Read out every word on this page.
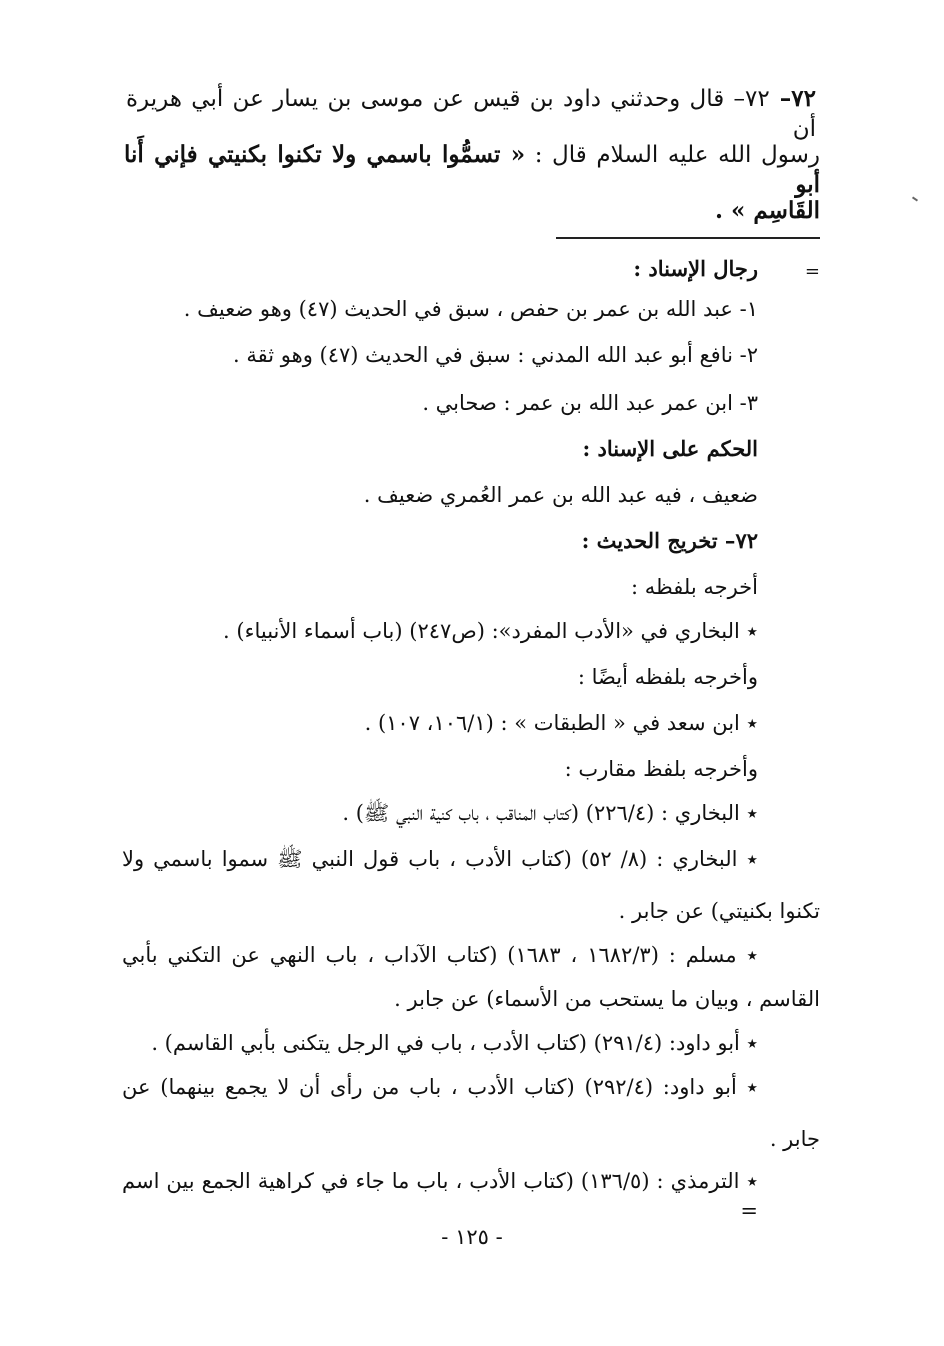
٧٢– ٧٢– قال وحدثني داود بن قيس عن موسى بن يسار عن أبي هريرة أن
رسول الله عليه السلام قال : « تسمُّوا باسمي ولا تكنوا بكنيتي فإني أَنا أبو
القَاسِم » .
=
رجال الإسناد :
١- عبد الله بن عمر بن حفص ، سبق في الحديث (٤٧) وهو ضعيف .
٢- نافع أبو عبد الله المدني : سبق في الحديث (٤٧) وهو ثقة .
٣- ابن عمر عبد الله بن عمر : صحابي .
الحكم على الإسناد :
ضعيف ، فيه عبد الله بن عمر العُمري ضعيف .
٧٢– تخريج الحديث :
أخرجه بلفظه :
٭ البخاري في «الأدب المفرد»: (ص٢٤٧) (باب أسماء الأنبياء) .
وأخرجه بلفظه أيضًا :
٭ ابن سعد في « الطبقات » : (١٠٦/١، ١٠٧) .
وأخرجه بلفظ مقارب :
٭ البخاري : (٢٢٦/٤) (كتاب المناقب ، باب كنية النبي ﷺ) .
٭ البخاري : (٨/ ٥٢) (كتاب الأدب ، باب قول النبي ﷺ سموا باسمي ولا
تكنوا بكنيتي) عن جابر .
٭ مسلم : (١٦٨٢/٣ ، ١٦٨٣) (كتاب الآداب ، باب النهي عن التكني بأبي
القاسم ، وبيان ما يستحب من الأسماء) عن جابر .
٭ أبو داود: (٢٩١/٤) (كتاب الأدب ، باب في الرجل يتكنى بأبي القاسم) .
٭ أبو داود: (٢٩٢/٤) (كتاب الأدب ، باب من رأى أن لا يجمع بينهما) عن
جابر .
٭ الترمذي : (١٣٦/٥) (كتاب الأدب ، باب ما جاء في كراهية الجمع بين اسم =
- ١٢٥ -
